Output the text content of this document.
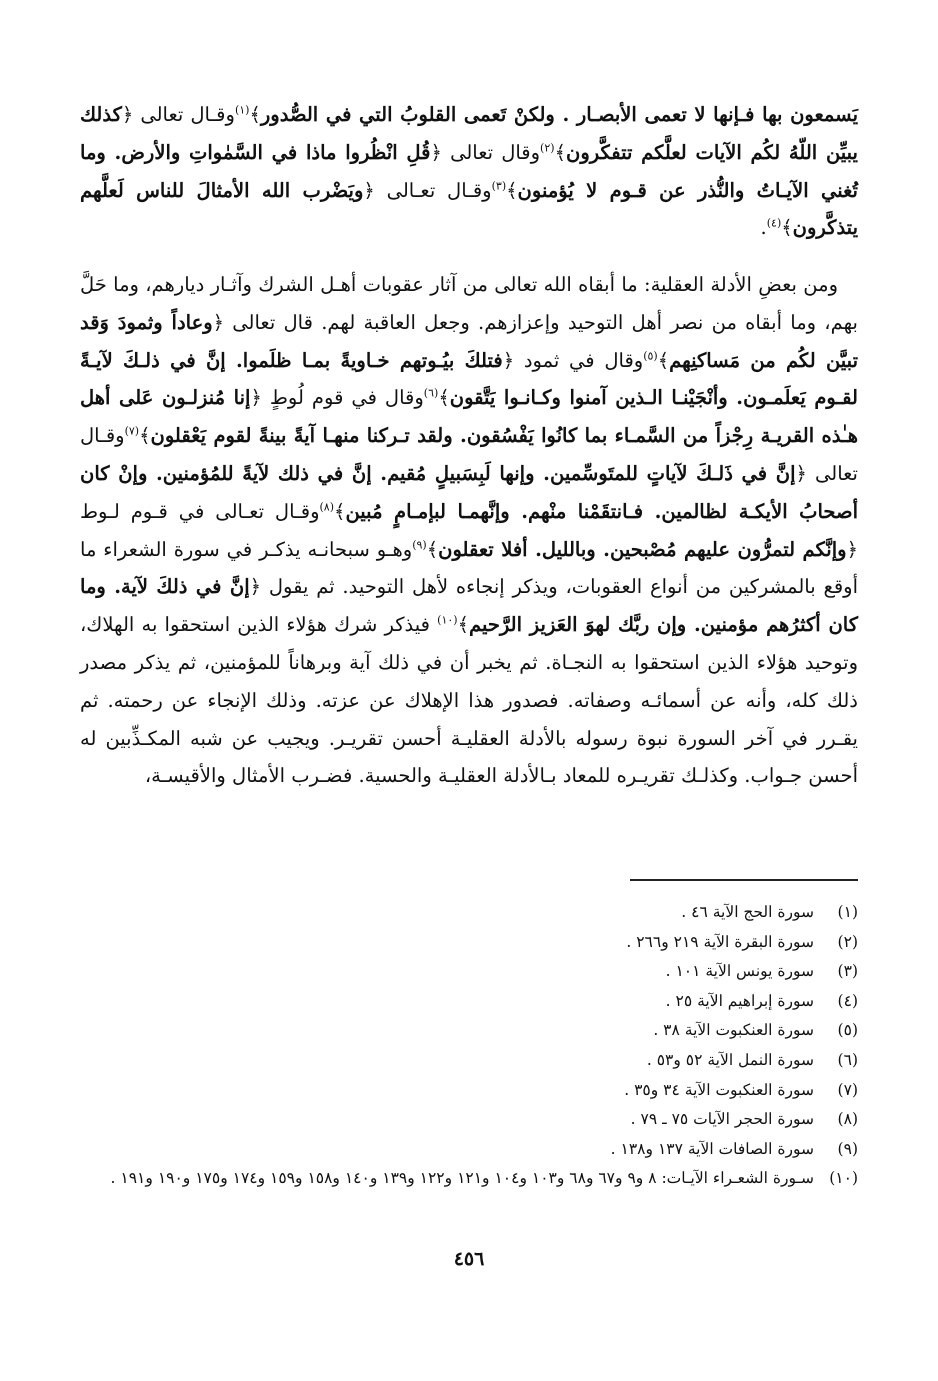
يَسمعون بها فـإنها لا تعمى الأبصـار . ولكنْ تَعمى القلوبُ التي في الصُّدور﴾$^{(١)}$وقـال تعالى ﴿كذلك يبيِّن اللّهُ لكُم الآيات لعلَّكم تتفكَّرون﴾$^{(٢)}$وقال تعالى ﴿قُلِ انْظُروا ماذا في السَّمٰواتِ والأرض. وما تُغني الآيـاتُ والنُّذر عن قـوم لا يُؤمنون﴾$^{(٣)}$وقـال تعـالى ﴿ويَضْرب الله الأمثالَ للناس لَعلَّهم يتذكَّرون﴾$^{(٤)}$.

ومن بعضِ الأدلة العقلية: ما أبقاه الله تعالى من آثار عقوبات أهـل الشرك وآثـار ديارهم، وما حَلَّ بهم، وما أبقاه من نصر أهل التوحيد وإعزازهم. وجعل العاقبة لهم. قال تعالى ﴿وعاداً وثمودَ وَقد تبيَّن لكُم من مَساكنِهم﴾$^{(٥)}$وقال في ثمود ﴿فتلكَ بيُـوتهم خـاويةً بمـا ظلَموا. إنَّ في ذلـكَ لآيـةً لقـوم يَعلَمـون. وأنْجَيْنـا الـذين آمنوا وكـانـوا يَتَّقون﴾$^{(٦)}$وقال في قوم لُوطٍ ﴿إنا مُنزلـون عَلى أهل هـٰذه القريـة رِجْزاً من السَّمـاء بما كانُوا يَفْسُقون. ولقد تـركنا منهـا آيةً بينةً لقوم يَعْقلون﴾$^{(٧)}$وقـال تعالى ﴿إنَّ في ذَلـكَ لآياتٍ للمتَوسِّمين. وإنها لَبِسَبيلٍ مُقيم. إنَّ في ذلك لآيةً للمُؤمنين. وإنْ كان أصحابُ الأيكـة لظالمين. فـانتقَمْنا منْهم. وإنَّهمـا لبإمـامٍ مُبين﴾$^{(٨)}$وقـال تعـالى في قـوم لـوط ﴿وإنَّكم لتمرُّون عليهم مُصْبحين. وبالليل. أفلا تعقلون﴾$^{(٩)}$وهـو سبحانـه يذكـر في سورة الشعراء ما أوقع بالمشركين من أنواع العقوبات، ويذكر إنجاءه لأهل التوحيد. ثم يقول ﴿إنَّ في ذلكَ لآية. وما كان أكثرُهم مؤمنين. وإن ربَّك لهوَ العَزيز الرَّحيم﴾$^{(١٠)}$ فيذكر شرك هؤلاء الذين استحقوا به الهلاك، وتوحيد هؤلاء الذين استحقوا به النجـاة. ثم يخبر أن في ذلك آية وبرهاناً للمؤمنين، ثم يذكر مصدر ذلك كله، وأنه عن أسمائـه وصفاته. فصدور هذا الإهلاك عن عزته. وذلك الإنجاء عن رحمته. ثم يقـرر في آخر السورة نبوة رسوله بالأدلة العقليـة أحسن تقريـر. ويجيب عن شبه المكـذِّبين له أحسن جـواب. وكذلـك تقريـره للمعاد بـالأدلة العقليـة والحسية. فضـرب الأمثال والأقيسـة،

(١)
سورة الحج الآية ٤٦ .
(٢)
سورة البقرة الآية ٢١٩ و٢٦٦ .
(٣)
سورة يونس الآية ١٠١ .
(٤)
سورة إبراهيم الآية ٢٥ .
(٥)
سورة العنكبوت الآية ٣٨ .
(٦)
سورة النمل الآية ٥٢ و٥٣ .
(٧)
سورة العنكبوت الآية ٣٤ و٣٥ .
(٨)
سورة الحجر الآيات ٧٥ ـ ٧٩ .
(٩)
سورة الصافات الآية ١٣٧ و١٣٨ .
(١٠)
سـورة الشعـراء الآيـات: ٨ و٩ و٦٧ و٦٨ و١٠٣ و١٠٤ و١٢١ و١٢٢ و١٣٩ و١٤٠ و١٥٨ و١٥٩ و١٧٤ و١٧٥ و١٩٠ و١٩١ .
٤٥٦
